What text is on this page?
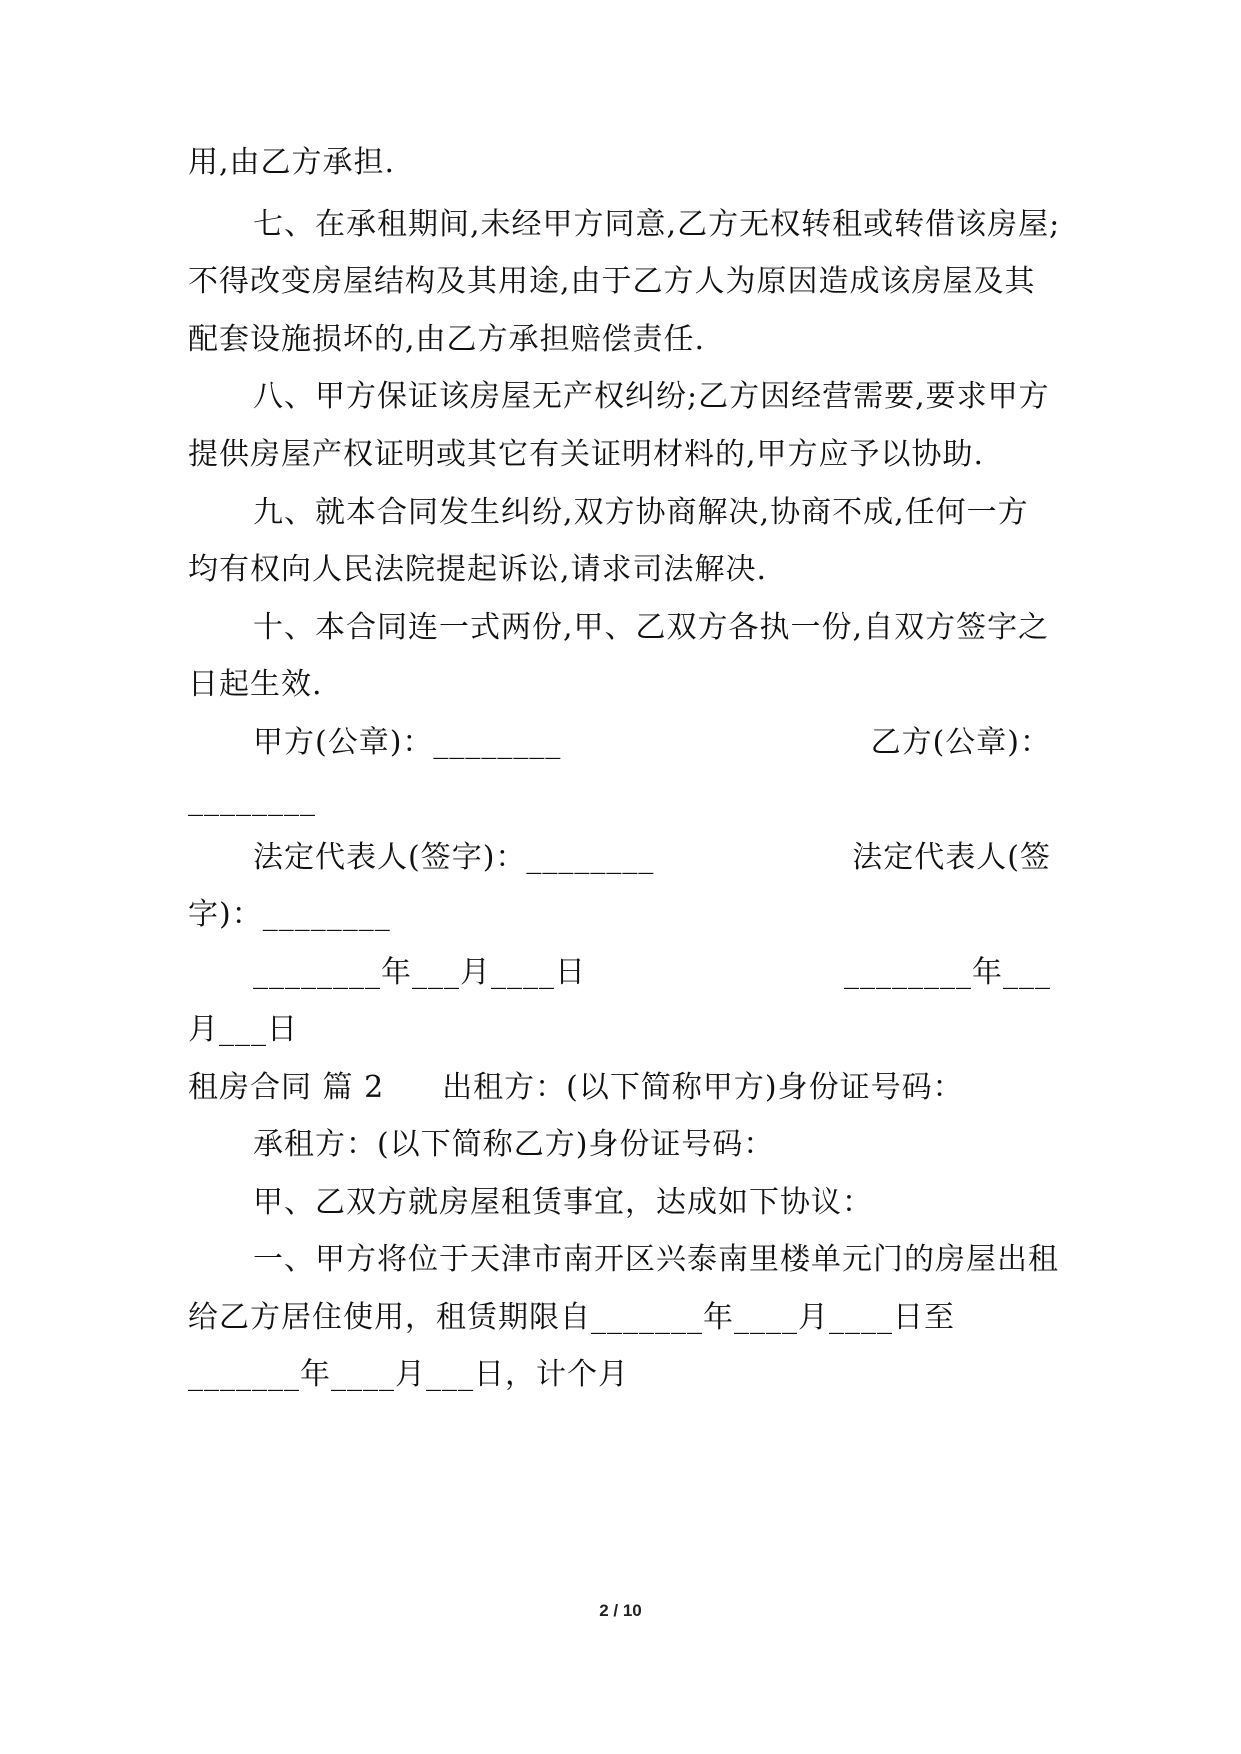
用,由乙方承担.

七、在承租期间,未经甲方同意,乙方无权转租或转借该房屋;

不得改变房屋结构及其用途,由于乙方人为原因造成该房屋及其

配套设施损坏的,由乙方承担赔偿责任.

八、甲方保证该房屋无产权纠纷;乙方因经营需要,要求甲方

提供房屋产权证明或其它有关证明材料的,甲方应予以协助.

九、就本合同发生纠纷,双方协商解决,协商不成,任何一方

均有权向人民法院提起诉讼,请求司法解决.

十、本合同连一式两份,甲、乙双方各执一份,自双方签字之

日起生效.

甲方(公章)：________	乙方(公章)：

________

法定代表人(签字)：________	法定代表人(签

字)：________

________年___月____日	________年___

月___日

租房合同 篇 2 出租方：(以下简称甲方)身份证号码：

承租方：(以下简称乙方)身份证号码：

甲、乙双方就房屋租赁事宜，达成如下协议：

一、甲方将位于天津市南开区兴泰南里楼单元门的房屋出租

给乙方居住使用，租赁期限自_______年____月____日至

_______年____月___日，计个月

2 / 10
